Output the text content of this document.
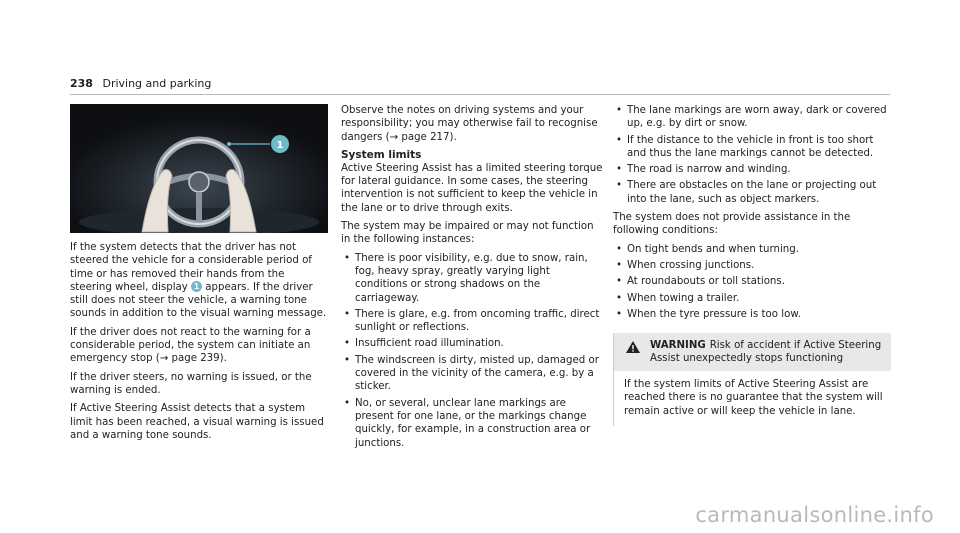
238 Driving and parking
1

If the system detects that the driver has not steered the vehicle for a considerable period of time or has removed their hands from the steering wheel, display 1 appears. If the driver still does not steer the vehicle, a warning tone sounds in addition to the visual warning message.

If the driver does not react to the warning for a considerable period, the system can initiate an emergency stop (→ page 239).

If the driver steers, no warning is issued, or the warning is ended.

If Active Steering Assist detects that a system limit has been reached, a visual warning is issued and a warning tone sounds.

Observe the notes on driving systems and your responsibility; you may otherwise fail to recognise dangers (→ page 217).

System limits

Active Steering Assist has a limited steering torque for lateral guidance. In some cases, the steering intervention is not sufficient to keep the vehicle in the lane or to drive through exits.

The system may be impaired or may not function in the following instances:

• There is poor visibility, e.g. due to snow, rain, fog, heavy spray, greatly varying light conditions or strong shadows on the carriageway.
• There is glare, e.g. from oncoming traffic, direct sunlight or reflections.
• Insufficient road illumination.
• The windscreen is dirty, misted up, damaged or covered in the vicinity of the camera, e.g. by a sticker.
• No, or several, unclear lane markings are present for one lane, or the markings change quickly, for example, in a construction area or junctions.
• The lane markings are worn away, dark or covered up, e.g. by dirt or snow.
• If the distance to the vehicle in front is too short and thus the lane markings cannot be detected.
• The road is narrow and winding.
• There are obstacles on the lane or projecting out into the lane, such as object markers.

The system does not provide assistance in the following conditions:

• On tight bends and when turning.
• When crossing junctions.
• At roundabouts or toll stations.
• When towing a trailer.
• When the tyre pressure is too low.
WARNING Risk of accident if Active Steering Assist unexpectedly stops functioning
If the system limits of Active Steering Assist are reached there is no guarantee that the system will remain active or will keep the vehicle in lane.
carmanualsonline.info
